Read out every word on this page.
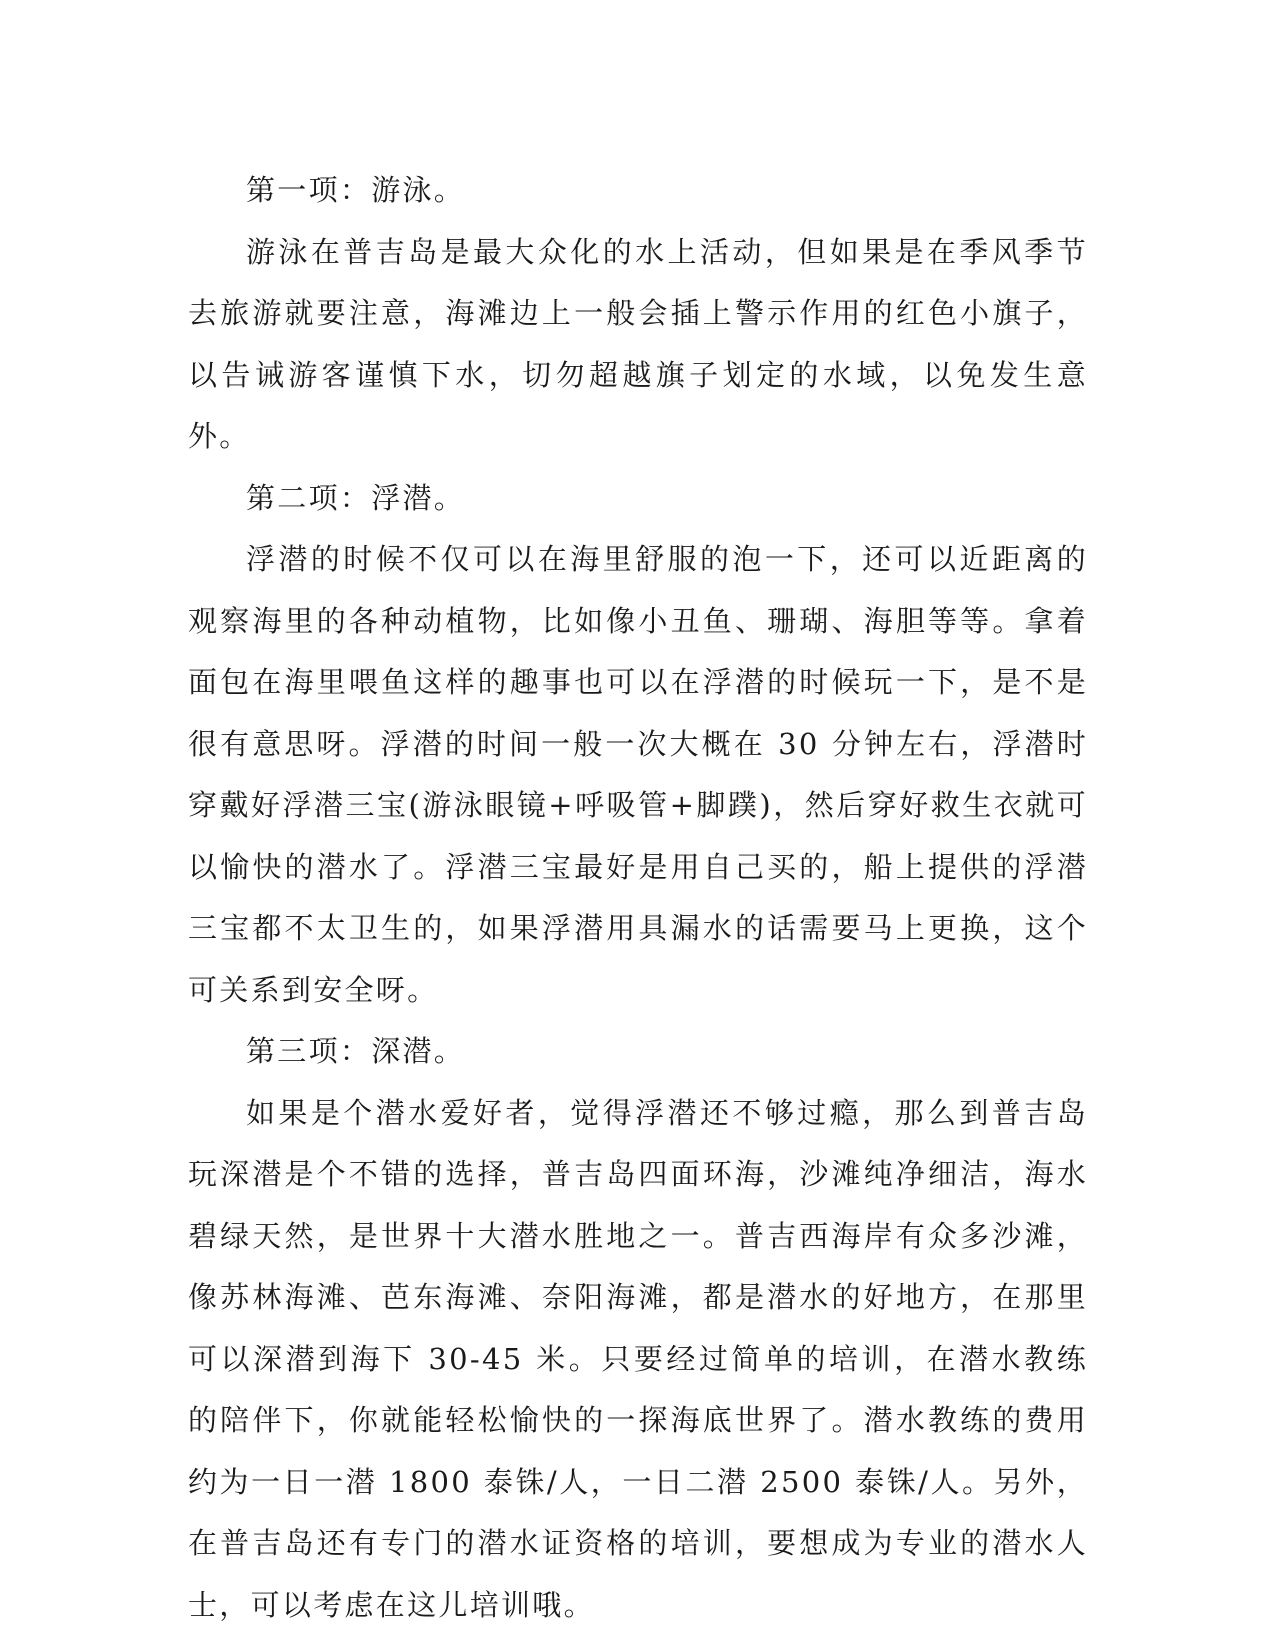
第一项：游泳。

游泳在普吉岛是最大众化的水上活动，但如果是在季风季节去旅游就要注意，海滩边上一般会插上警示作用的红色小旗子，以告诫游客谨慎下水，切勿超越旗子划定的水域，以免发生意外。

第二项：浮潜。

浮潜的时候不仅可以在海里舒服的泡一下，还可以近距离的观察海里的各种动植物，比如像小丑鱼、珊瑚、海胆等等。拿着面包在海里喂鱼这样的趣事也可以在浮潜的时候玩一下，是不是很有意思呀。浮潜的时间一般一次大概在 30 分钟左右，浮潜时穿戴好浮潜三宝(游泳眼镜+呼吸管+脚蹼)，然后穿好救生衣就可以愉快的潜水了。浮潜三宝最好是用自己买的，船上提供的浮潜三宝都不太卫生的，如果浮潜用具漏水的话需要马上更换，这个可关系到安全呀。

第三项：深潜。

如果是个潜水爱好者，觉得浮潜还不够过瘾，那么到普吉岛玩深潜是个不错的选择，普吉岛四面环海，沙滩纯净细洁，海水碧绿天然，是世界十大潜水胜地之一。普吉西海岸有众多沙滩，像苏林海滩、芭东海滩、奈阳海滩，都是潜水的好地方，在那里可以深潜到海下 30-45 米。只要经过简单的培训，在潜水教练的陪伴下，你就能轻松愉快的一探海底世界了。潜水教练的费用约为一日一潜 1800 泰铢/人，一日二潜 2500 泰铢/人。另外，在普吉岛还有专门的潜水证资格的培训，要想成为专业的潜水人士，可以考虑在这儿培训哦。
